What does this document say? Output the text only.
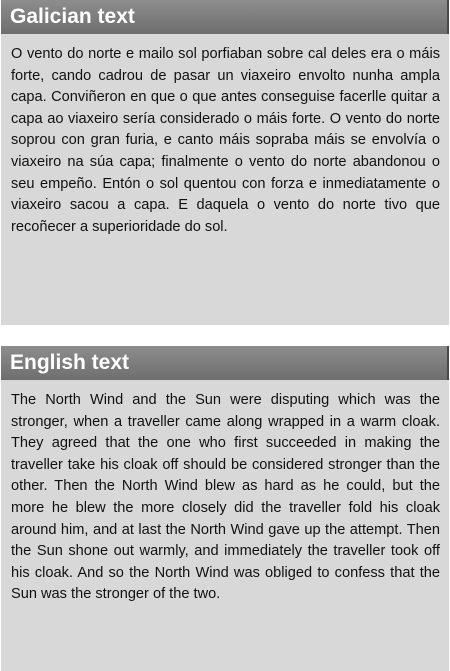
Galician text

O vento do norte e mailo sol porfiaban sobre cal deles era o máis forte, cando cadrou de pasar un viaxeiro envolto nunha ampla capa. Conviñeron en que o que antes conseguise facerlle quitar a capa ao viaxeiro sería considerado o máis forte. O vento do norte soprou con gran furia, e canto máis sopraba máis se envolvía o viaxeiro na súa capa; finalmente o vento do norte abandonou o seu empeño. Entón o sol quentou con forza e inmediatamente o viaxeiro sacou a capa. E daquela o vento do norte tivo que recoñecer a superioridade do sol.

English text

The North Wind and the Sun were disputing which was the stronger, when a traveller came along wrapped in a warm cloak. They agreed that the one who first succeeded in making the traveller take his cloak off should be considered stronger than the other. Then the North Wind blew as hard as he could, but the more he blew the more closely did the traveller fold his cloak around him, and at last the North Wind gave up the attempt. Then the Sun shone out warmly, and immediately the traveller took off his cloak. And so the North Wind was obliged to confess that the Sun was the stronger of the two.
